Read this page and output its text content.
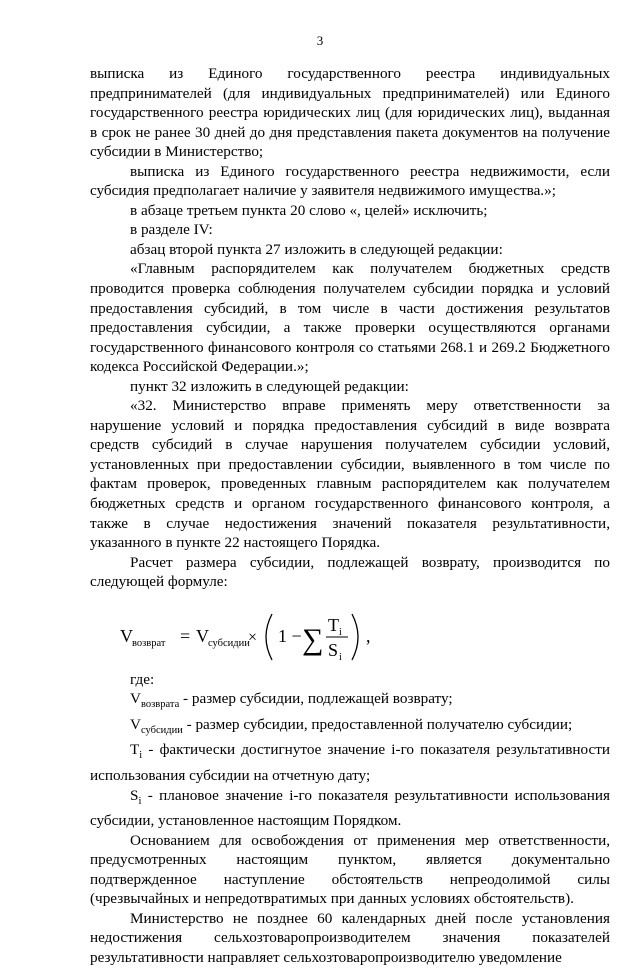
3

выписка из Единого государственного реестра индивидуальных предпринимателей (для индивидуальных предпринимателей) или Единого государственного реестра юридических лиц (для юридических лиц), выданная в срок не ранее 30 дней до дня представления пакета документов на получение субсидии в Министерство;

выписка из Единого государственного реестра недвижимости, если субсидия предполагает наличие у заявителя недвижимого имущества.»;

в абзаце третьем пункта 20 слово «, целей» исключить;

в разделе IV:

абзац второй пункта 27 изложить в следующей редакции:

«Главным распорядителем как получателем бюджетных средств проводится проверка соблюдения получателем субсидии порядка и условий предоставления субсидий, в том числе в части достижения результатов предоставления субсидии, а также проверки осуществляются органами государственного финансового контроля со статьями 268.1 и 269.2 Бюджетного кодекса Российской Федерации.»;

пункт 32 изложить в следующей редакции:

«32. Министерство вправе применять меру ответственности за нарушение условий и порядка предоставления субсидий в виде возврата средств субсидий в случае нарушения получателем субсидии условий, установленных при предоставлении субсидии, выявленного в том числе по фактам проверок, проведенных главным распорядителем как получателем бюджетных средств и органом государственного финансового контроля, а также в случае недостижения значений показателя результативности, указанного в пункте 22 настоящего Порядка.

Расчет размера субсидии, подлежащей возврату, производится по следующей формуле:

V возврат = V субсидии
× 1 − ∑ T i
S i
,

где:

$V_{возврата}$ - размер субсидии, подлежащей возврату;

$V_{субсидии}$ - размер субсидии, предоставленной получателю субсидии;

$T_i$ - фактически достигнутое значение i-го показателя результативности использования субсидии на отчетную дату;

$S_i$ - плановое значение i-го показателя результативности использования субсидии, установленное настоящим Порядком.

Основанием для освобождения от применения мер ответственности, предусмотренных настоящим пунктом, является документально подтвержденное наступление обстоятельств непреодолимой силы (чрезвычайных и непредотвратимых при данных условиях обстоятельств).

Министерство не позднее 60 календарных дней после установления недостижения сельхозтоваропроизводителем значения показателей результативности направляет сельхозтоваропроизводителю уведомление
